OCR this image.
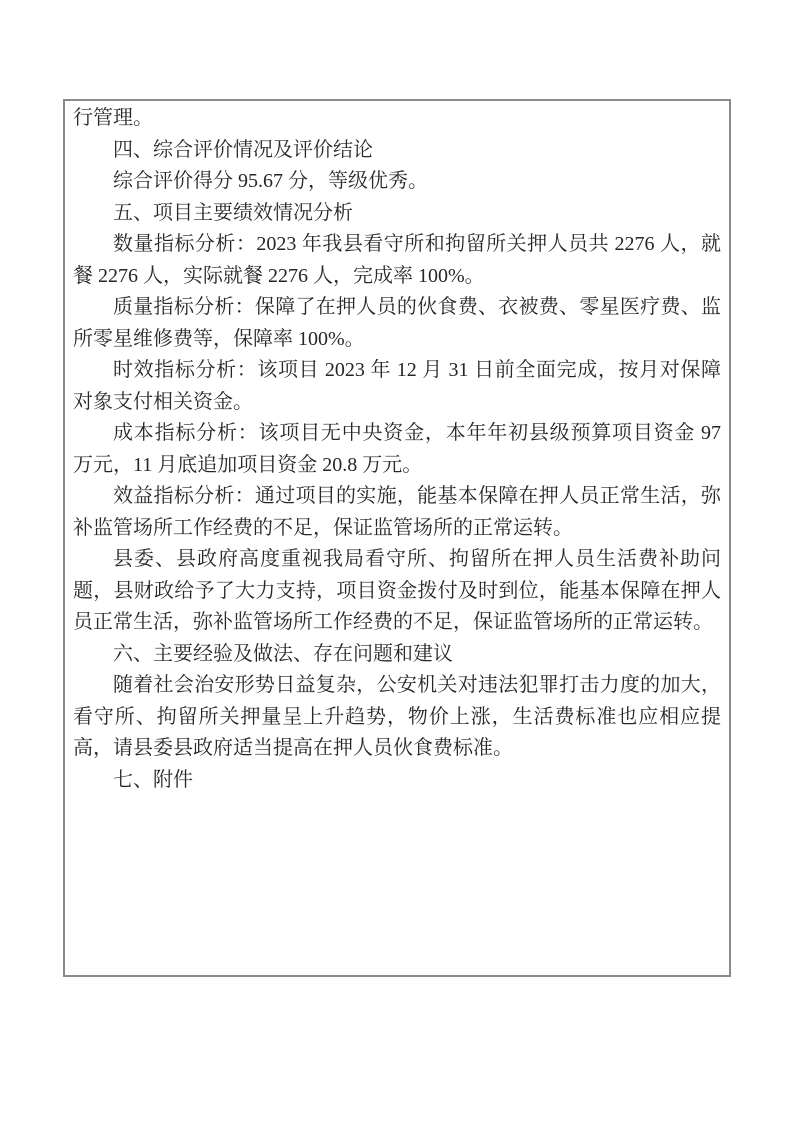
行管理。

四、综合评价情况及评价结论

综合评价得分 95.67 分，等级优秀。

五、项目主要绩效情况分析

数量指标分析：2023 年我县看守所和拘留所关押人员共 2276 人，就餐 2276 人，实际就餐 2276 人，完成率 100%。

质量指标分析：保障了在押人员的伙食费、衣被费、零星医疗费、监所零星维修费等，保障率 100%。

时效指标分析：该项目 2023 年 12 月 31 日前全面完成，按月对保障对象支付相关资金。

成本指标分析：该项目无中央资金，本年年初县级预算项目资金 97 万元，11 月底追加项目资金 20.8 万元。

效益指标分析：通过项目的实施，能基本保障在押人员正常生活，弥补监管场所工作经费的不足，保证监管场所的正常运转。

县委、县政府高度重视我局看守所、拘留所在押人员生活费补助问题，县财政给予了大力支持，项目资金拨付及时到位，能基本保障在押人员正常生活，弥补监管场所工作经费的不足，保证监管场所的正常运转。

六、主要经验及做法、存在问题和建议

随着社会治安形势日益复杂，公安机关对违法犯罪打击力度的加大，看守所、拘留所关押量呈上升趋势，物价上涨，生活费标准也应相应提高，请县委县政府适当提高在押人员伙食费标准。

七、附件
